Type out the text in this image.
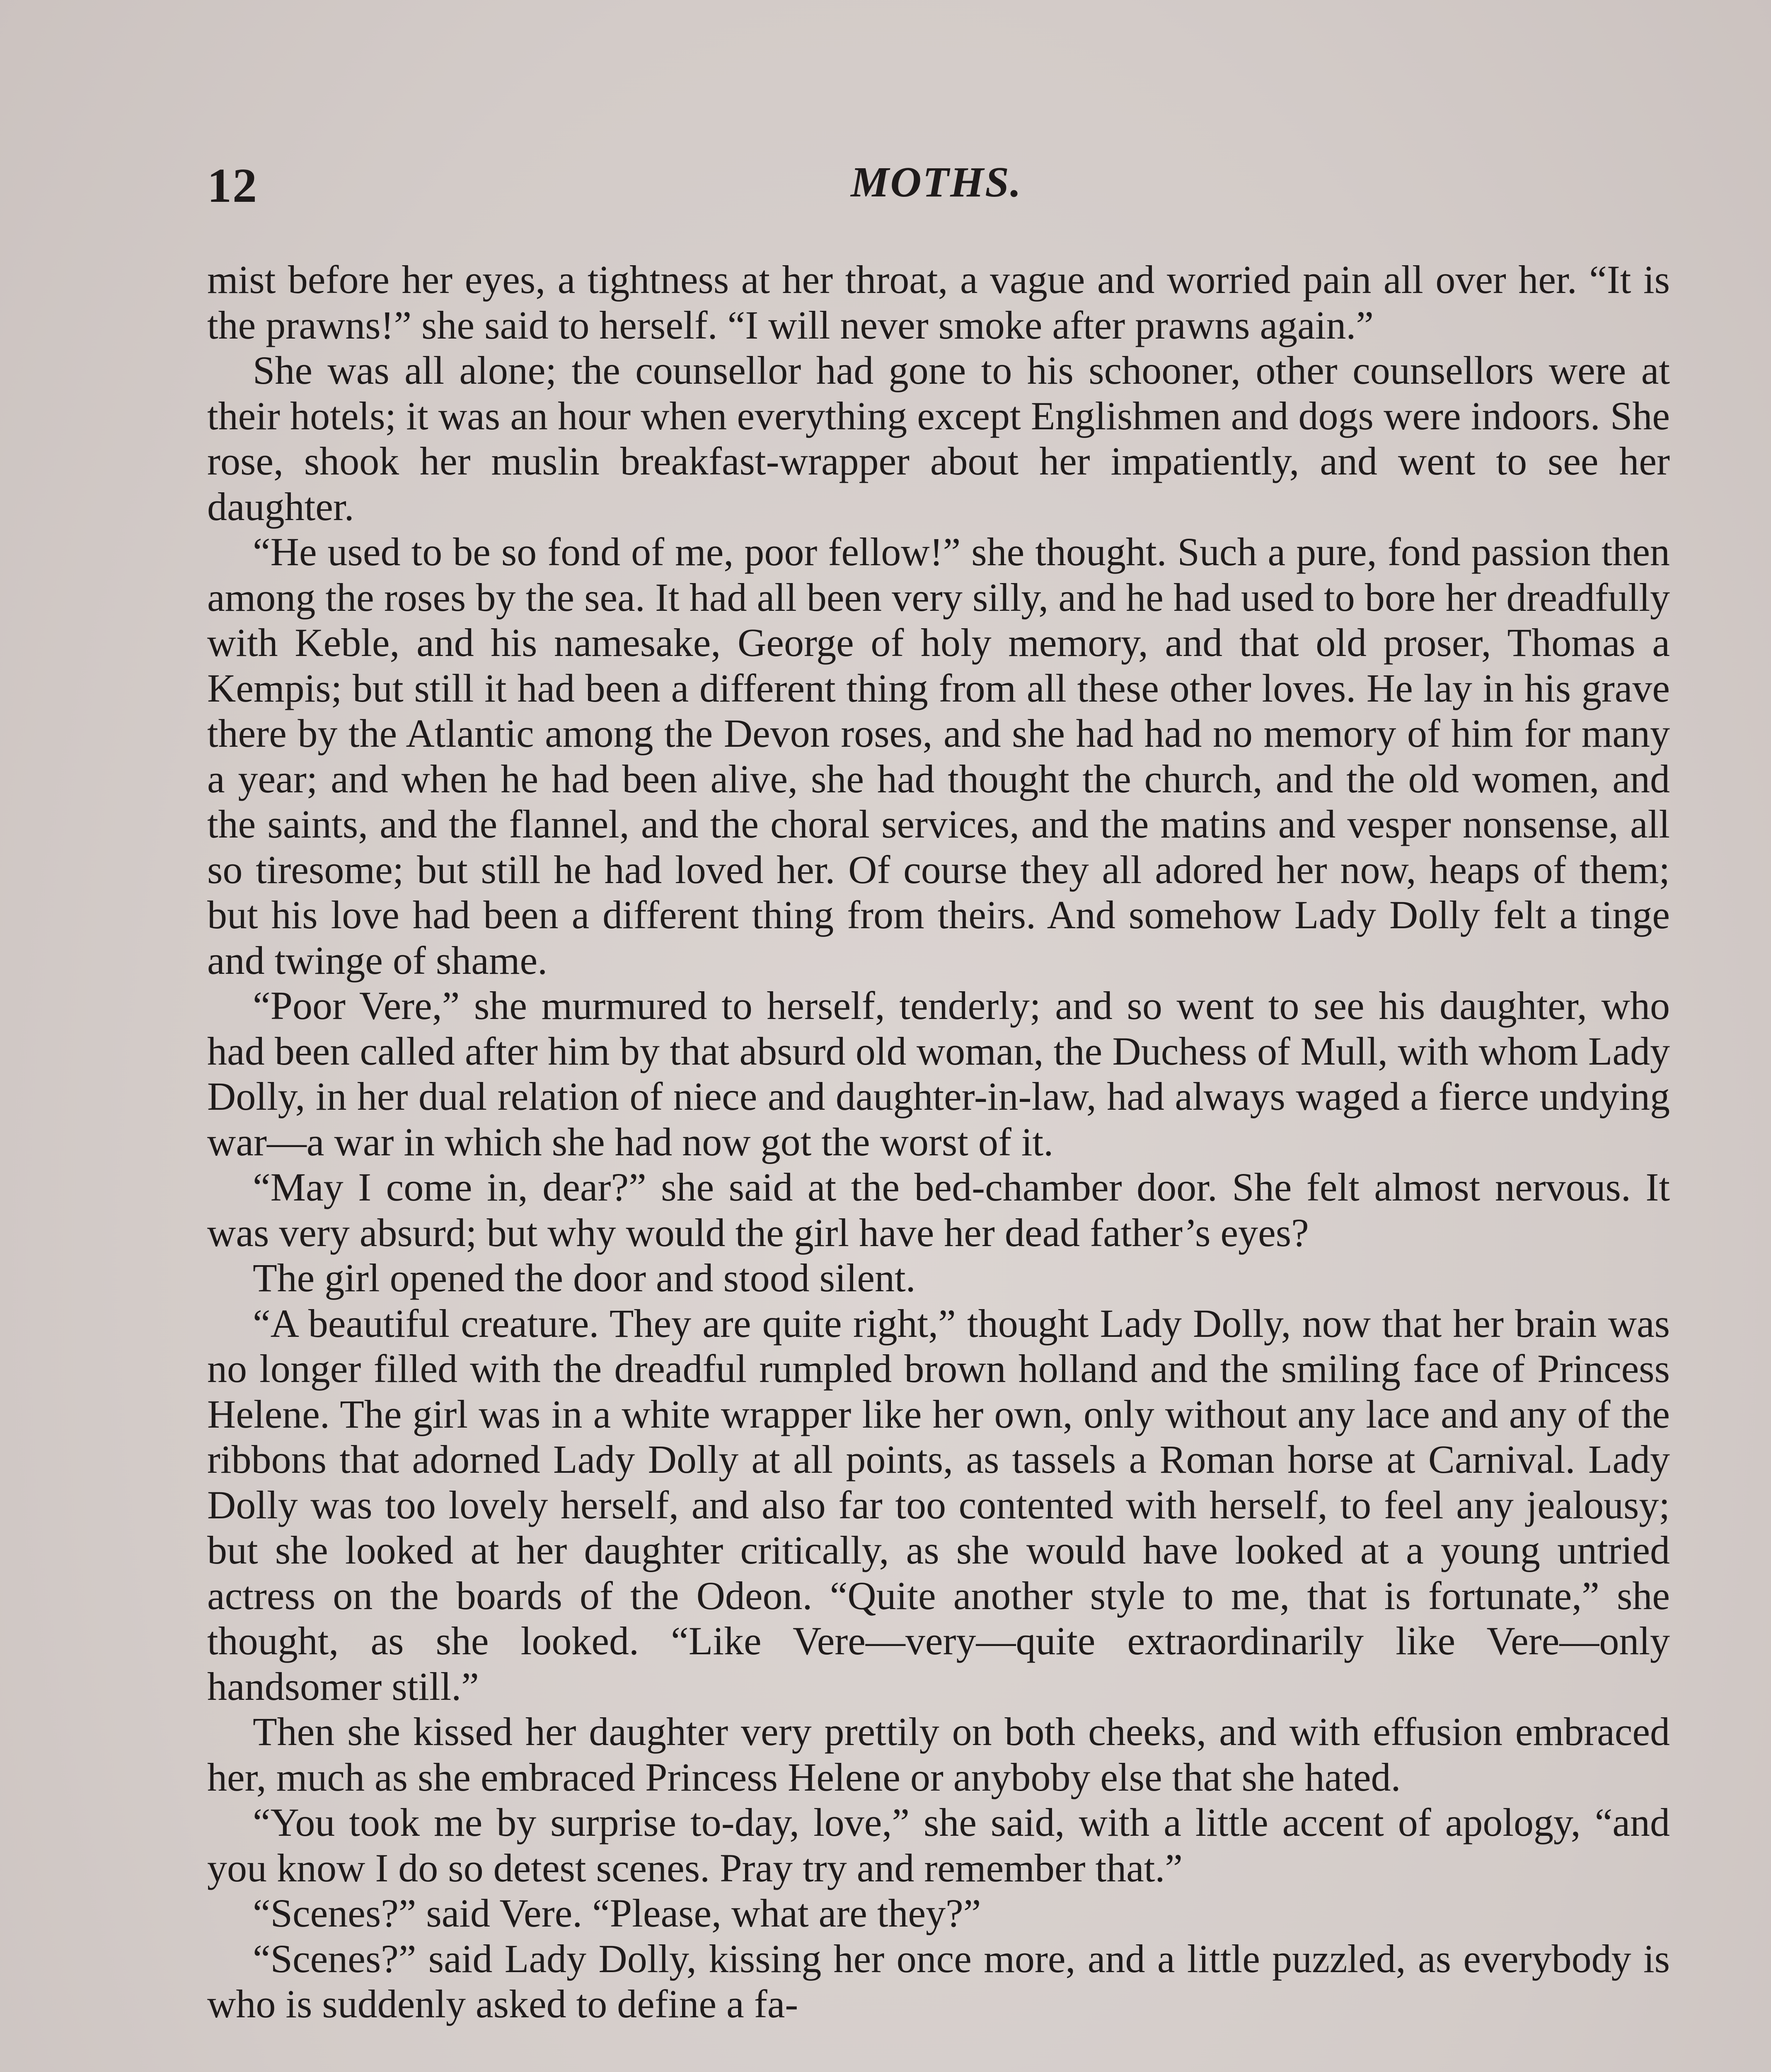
12	MOTHS.

mist before her eyes, a tightness at her throat, a vague and worried pain all over her. “It is the prawns!” she said to herself. “I will never smoke after prawns again.”

She was all alone; the counsellor had gone to his schooner, other counsellors were at their hotels; it was an hour when everything except Englishmen and dogs were indoors. She rose, shook her muslin breakfast-wrapper about her impatiently, and went to see her daughter.

“He used to be so fond of me, poor fellow!” she thought. Such a pure, fond passion then among the roses by the sea. It had all been very silly, and he had used to bore her dreadfully with Keble, and his namesake, George of holy memory, and that old proser, Thomas a Kempis; but still it had been a different thing from all these other loves. He lay in his grave there by the Atlantic among the Devon roses, and she had had no memory of him for many a year; and when he had been alive, she had thought the church, and the old women, and the saints, and the flannel, and the choral services, and the matins and vesper nonsense, all so tiresome; but still he had loved her. Of course they all adored her now, heaps of them; but his love had been a different thing from theirs. And somehow Lady Dolly felt a tinge and twinge of shame.

“Poor Vere,” she murmured to herself, tenderly; and so went to see his daughter, who had been called after him by that absurd old woman, the Duchess of Mull, with whom Lady Dolly, in her dual relation of niece and daughter-in-law, had always waged a fierce undying war—a war in which she had now got the worst of it.

“May I come in, dear?” she said at the bed-chamber door. She felt almost nervous. It was very absurd; but why would the girl have her dead father’s eyes?

The girl opened the door and stood silent.

“A beautiful creature. They are quite right,” thought Lady Dolly, now that her brain was no longer filled with the dreadful rumpled brown holland and the smiling face of Princess Helene. The girl was in a white wrapper like her own, only without any lace and any of the ribbons that adorned Lady Dolly at all points, as tassels a Roman horse at Carnival. Lady Dolly was too lovely herself, and also far too contented with herself, to feel any jealousy; but she looked at her daughter critically, as she would have looked at a young untried actress on the boards of the Odeon. “Quite another style to me, that is fortunate,” she thought, as she looked. “Like Vere—very—quite extraordinarily like Vere—only handsomer still.”

Then she kissed her daughter very prettily on both cheeks, and with effusion embraced her, much as she embraced Princess Helene or anyboby else that she hated.

“You took me by surprise to-day, love,” she said, with a little accent of apology, “and you know I do so detest scenes. Pray try and remember that.”

“Scenes?” said Vere. “Please, what are they?”

“Scenes?” said Lady Dolly, kissing her once more, and a little puzzled, as everybody is who is suddenly asked to define a fa-
